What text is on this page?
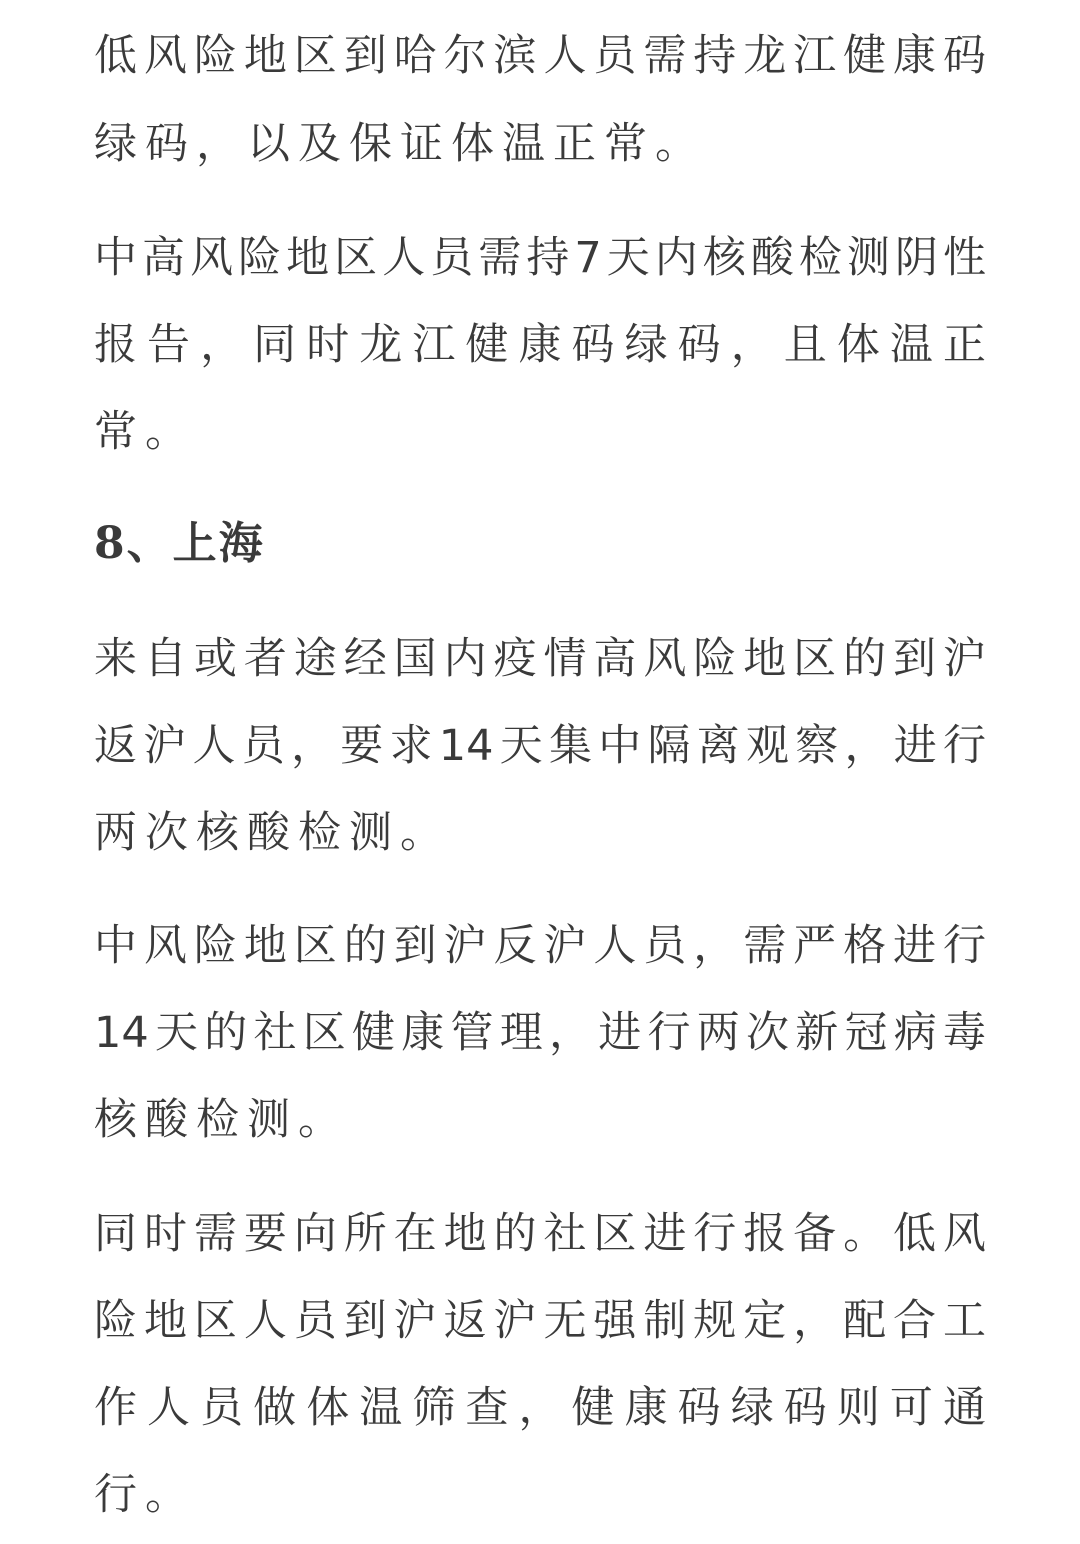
低风险地区到哈尔滨人员需持龙江健康码
绿码，以及保证体温正常。
中高风险地区人员需持7天内核酸检测阴性
报告，同时龙江健康码绿码，且体温正
常。
8、上海
来自或者途经国内疫情高风险地区的到沪
返沪人员，要求14天集中隔离观察，进行
两次核酸检测。
中风险地区的到沪反沪人员，需严格进行
14天的社区健康管理，进行两次新冠病毒
核酸检测。
同时需要向所在地的社区进行报备。低风
险地区人员到沪返沪无强制规定，配合工
作人员做体温筛查，健康码绿码则可通
行。
